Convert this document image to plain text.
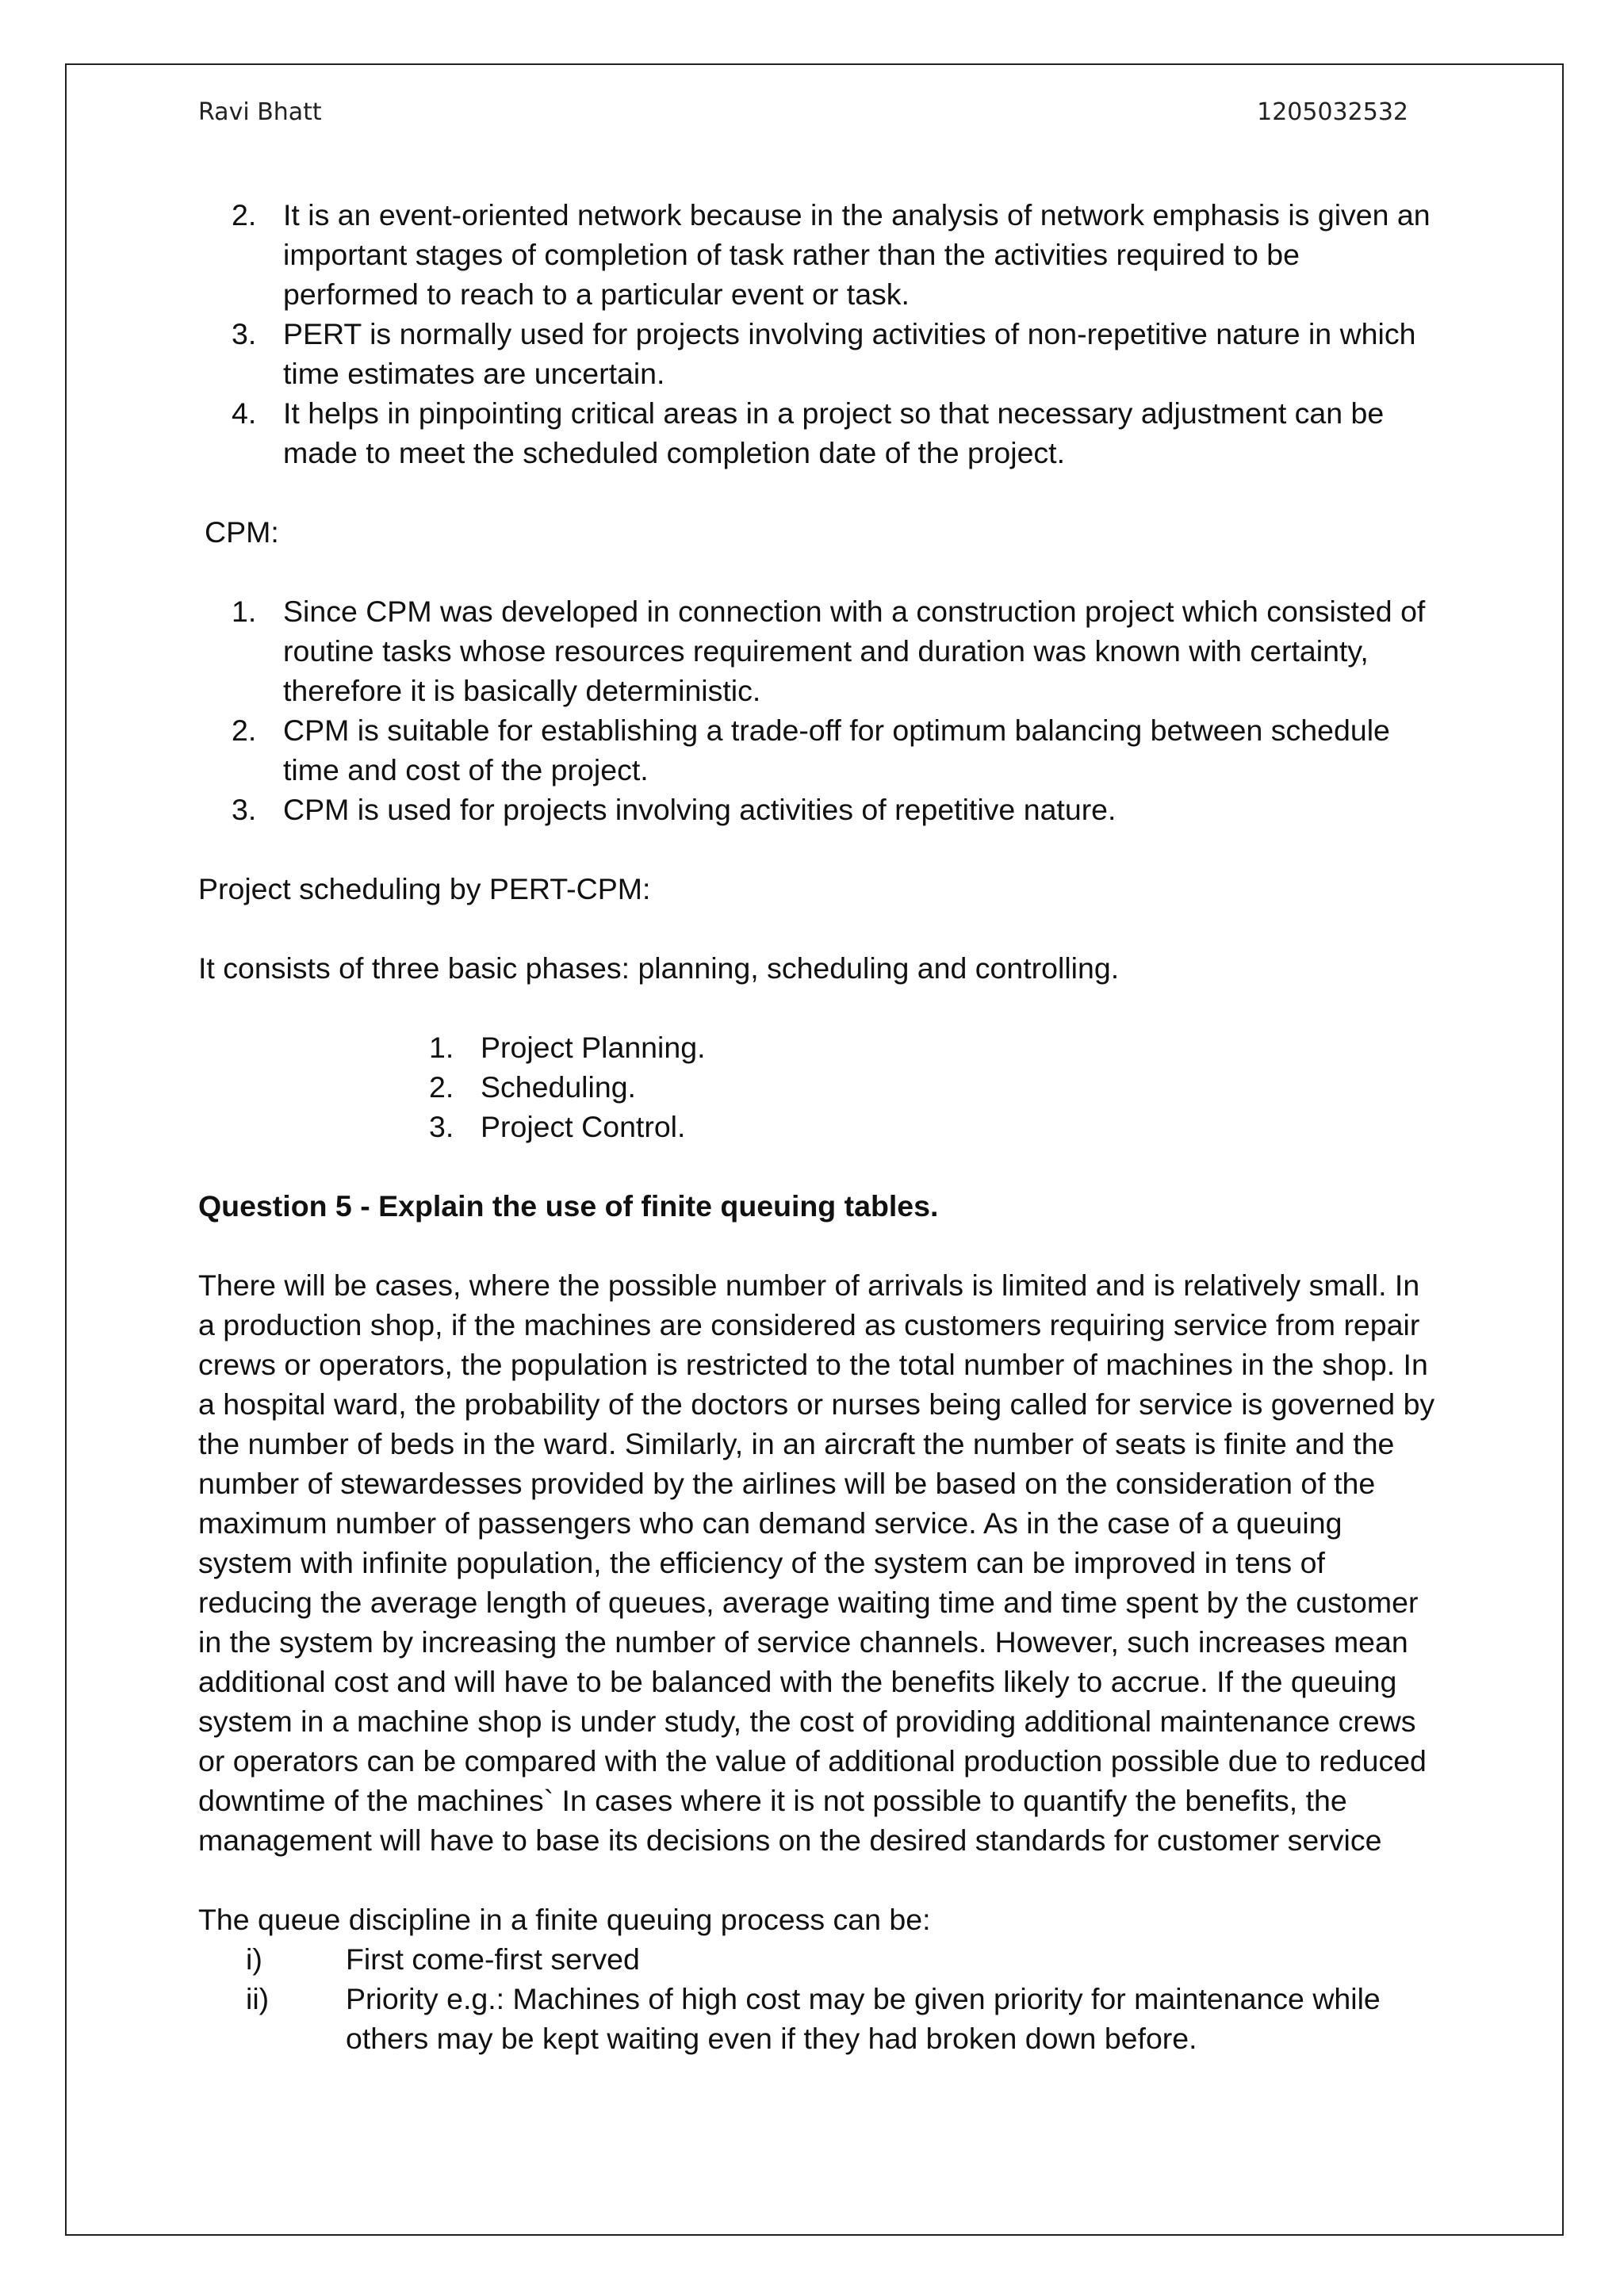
Ravi Bhatt	1205032532
2. It is an event-oriented network because in the analysis of network emphasis is given an important stages of completion of task rather than the activities required to be performed to reach to a particular event or task.
3. PERT is normally used for projects involving activities of non-repetitive nature in which time estimates are uncertain.
4. It helps in pinpointing critical areas in a project so that necessary adjustment can be made to meet the scheduled completion date of the project.
CPM:
1. Since CPM was developed in connection with a construction project which consisted of routine tasks whose resources requirement and duration was known with certainty, therefore it is basically deterministic.
2. CPM is suitable for establishing a trade-off for optimum balancing between schedule time and cost of the project.
3. CPM is used for projects involving activities of repetitive nature.
Project scheduling by PERT-CPM:
It consists of three basic phases: planning, scheduling and controlling.
1. Project Planning.
2. Scheduling.
3. Project Control.
Question 5 - Explain the use of finite queuing tables.
There will be cases, where the possible number of arrivals is limited and is relatively small. In a production shop, if the machines are considered as customers requiring service from repair crews or operators, the population is restricted to the total number of machines in the shop. In a hospital ward, the probability of the doctors or nurses being called for service is governed by the number of beds in the ward. Similarly, in an aircraft the number of seats is finite and the number of stewardesses provided by the airlines will be based on the consideration of the maximum number of passengers who can demand service. As in the case of a queuing system with infinite population, the efficiency of the system can be improved in tens of reducing the average length of queues, average waiting time and time spent by the customer in the system by increasing the number of service channels. However, such increases mean additional cost and will have to be balanced with the benefits likely to accrue. If the queuing system in a machine shop is under study, the cost of providing additional maintenance crews or operators can be compared with the value of additional production possible due to reduced downtime of the machines` In cases where it is not possible to quantify the benefits, the management will have to base its decisions on the desired standards for customer service
The queue discipline in a finite queuing process can be:
i)	First come-first served
ii)	Priority e.g.: Machines of high cost may be given priority for maintenance while others may be kept waiting even if they had broken down before.
